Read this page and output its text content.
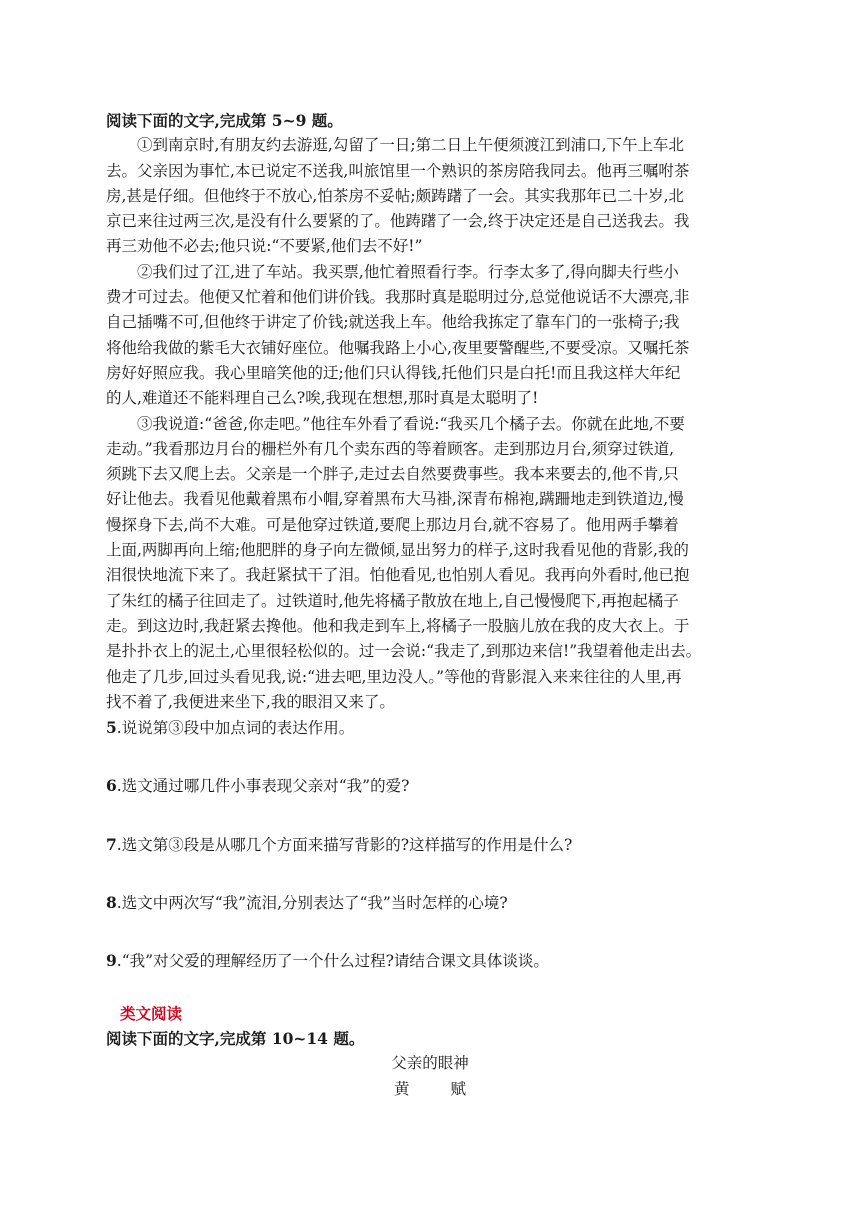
阅读下面的文字,完成第 5~9 题。
①到南京时,有朋友约去游逛,勾留了一日;第二日上午便须渡江到浦口,下午上车北
去。父亲因为事忙,本已说定不送我,叫旅馆里一个熟识的茶房陪我同去。他再三嘱咐茶
房,甚是仔细。但他终于不放心,怕茶房不妥帖;颇踌躇了一会。其实我那年已二十岁,北
京已来往过两三次,是没有什么要紧的了。他踌躇了一会,终于决定还是自己送我去。我
再三劝他不必去;他只说:“不要紧,他们去不好!”
②我们过了江,进了车站。我买票,他忙着照看行李。行李太多了,得向脚夫行些小
费才可过去。他便又忙着和他们讲价钱。我那时真是聪明过分,总觉他说话不大漂亮,非
自己插嘴不可,但他终于讲定了价钱;就送我上车。他给我拣定了靠车门的一张椅子;我
将他给我做的紫毛大衣铺好座位。他嘱我路上小心,夜里要警醒些,不要受凉。又嘱托茶
房好好照应我。我心里暗笑他的迂;他们只认得钱,托他们只是白托!而且我这样大年纪
的人,难道还不能料理自己么?唉,我现在想想,那时真是太聪明了!
③我说道:“爸爸,你走吧。”他往车外看了看说:“我买几个橘子去。你就在此地,不要
走动。”我看那边月台的栅栏外有几个卖东西的等着顾客。走到那边月台,须穿过铁道,
须跳下去又爬上去。父亲是一个胖子,走过去自然要费事些。我本来要去的,他不肯,只
好让他去。我看见他戴着黑布小帽,穿着黑布大马褂,深青布棉袍,蹒跚地走到铁道边,慢
慢探身下去,尚不大难。可是他穿过铁道,要爬上那边月台,就不容易了。他用两手攀着
上面,两脚再向上缩;他肥胖的身子向左微倾,显出努力的样子,这时我看见他的背影,我的
泪很快地流下来了。我赶紧拭干了泪。怕他看见,也怕别人看见。我再向外看时,他已抱
了朱红的橘子往回走了。过铁道时,他先将橘子散放在地上,自己慢慢爬下,再抱起橘子
走。到这边时,我赶紧去搀他。他和我走到车上,将橘子一股脑儿放在我的皮大衣上。于
是扑扑衣上的泥土,心里很轻松似的。过一会说:“我走了,到那边来信!”我望着他走出去。
他走了几步,回过头看见我,说:“进去吧,里边没人。”等他的背影混入来来往往的人里,再
找不着了,我便进来坐下,我的眼泪又来了。

5.说说第③段中加点词的表达作用。

6.选文通过哪几件小事表现父亲对“我”的爱?

7.选文第③段是从哪几个方面来描写背影的?这样描写的作用是什么?

8.选文中两次写“我”流泪,分别表达了“我”当时怎样的心境?

9.“我”对父爱的理解经历了一个什么过程?请结合课文具体谈谈。

类文阅读
阅读下面的文字,完成第 10~14 题。
父亲的眼神
黄 赋
